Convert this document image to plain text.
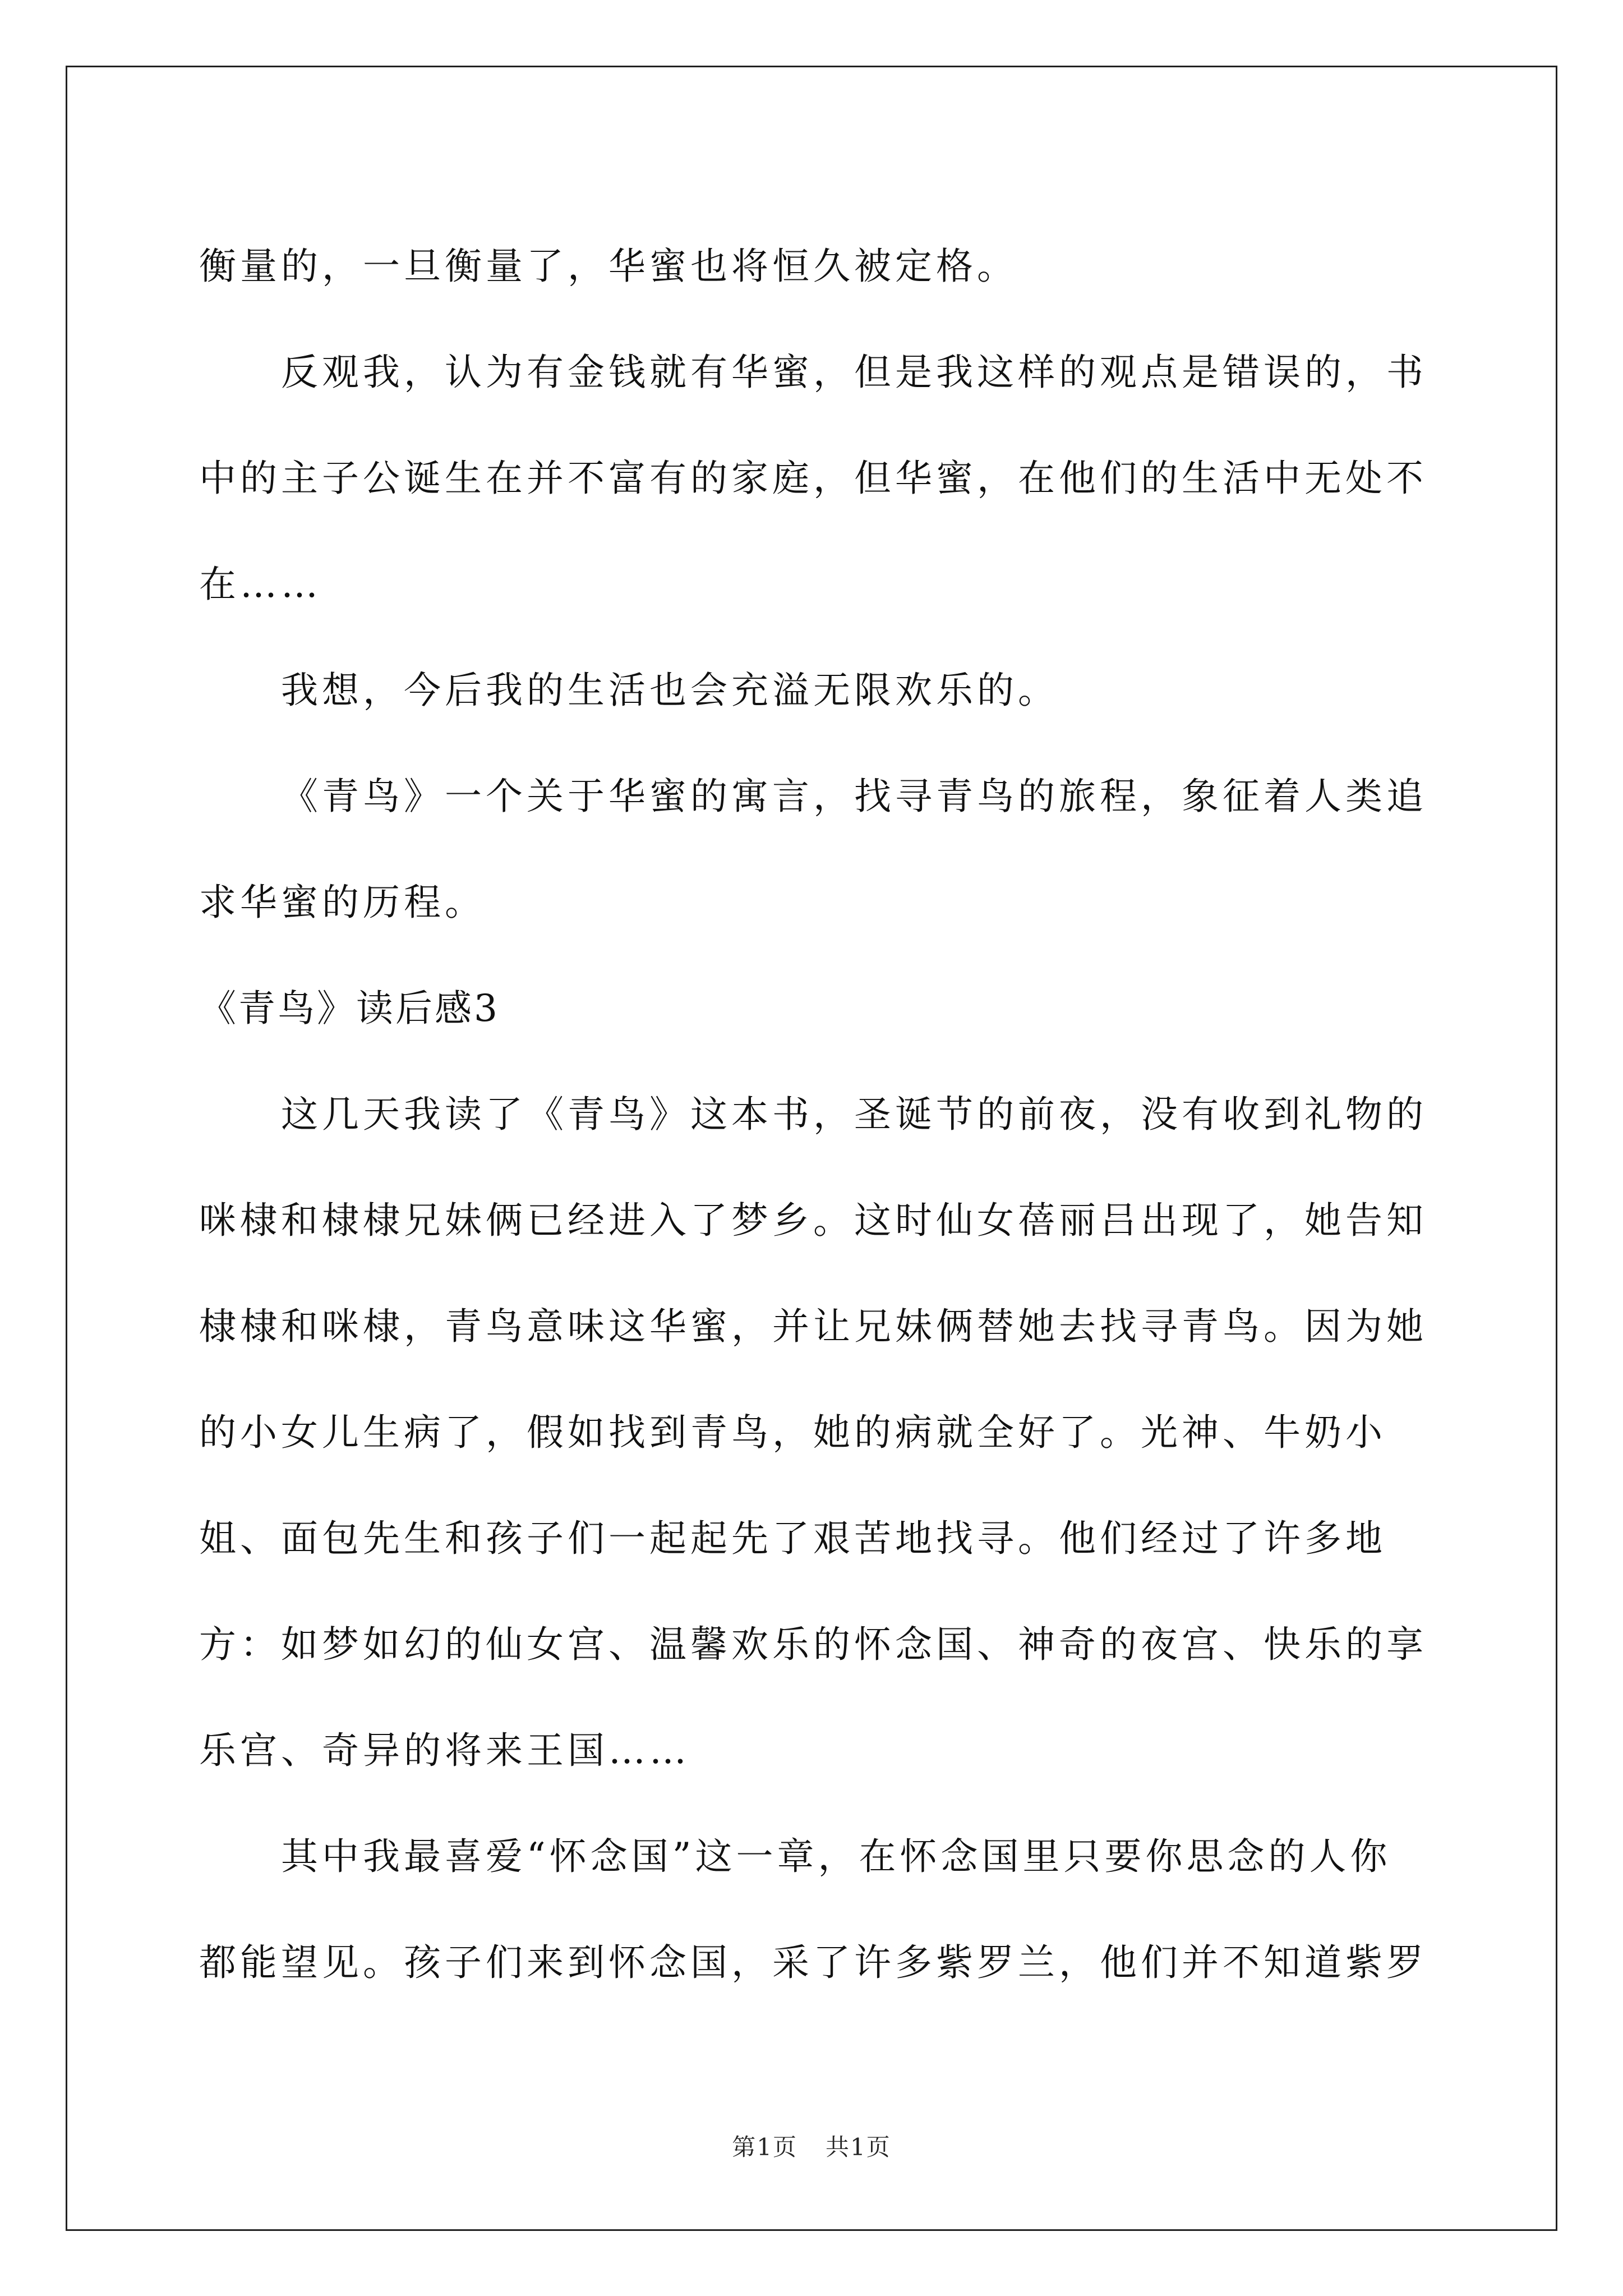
衡量的，一旦衡量了，华蜜也将恒久被定格。

反观我，认为有金钱就有华蜜，但是我这样的观点是错误的，书中的主子公诞生在并不富有的家庭，但华蜜，在他们的生活中无处不在……

我想，今后我的生活也会充溢无限欢乐的。

《青鸟》一个关于华蜜的寓言，找寻青鸟的旅程，象征着人类追求华蜜的历程。

《青鸟》读后感3

这几天我读了《青鸟》这本书，圣诞节的前夜，没有收到礼物的咪棣和棣棣兄妹俩已经进入了梦乡。这时仙女蓓丽吕出现了，她告知棣棣和咪棣，青鸟意味这华蜜，并让兄妹俩替她去找寻青鸟。因为她的小女儿生病了，假如找到青鸟，她的病就全好了。光神、牛奶小姐、面包先生和孩子们一起起先了艰苦地找寻。他们经过了许多地方：如梦如幻的仙女宫、温馨欢乐的怀念国、神奇的夜宫、快乐的享乐宫、奇异的将来王国……

其中我最喜爱“怀念国”这一章，在怀念国里只要你思念的人你都能望见。孩子们来到怀念国，采了许多紫罗兰，他们并不知道紫罗

第1页 共1页
